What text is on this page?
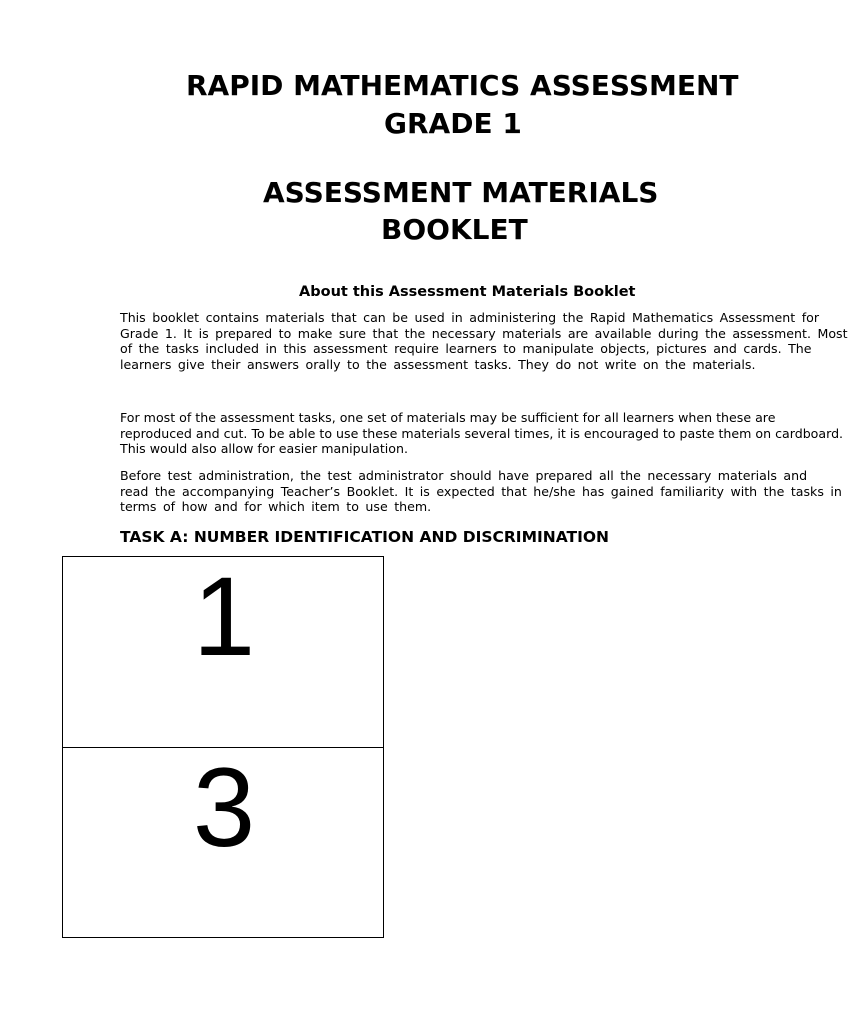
RAPID MATHEMATICS ASSESSMENT
GRADE 1
ASSESSMENT MATERIALS
BOOKLET
About this Assessment Materials Booklet
This booklet contains materials that can be used in administering the Rapid Mathematics Assessment for
Grade 1. It is prepared to make sure that the necessary materials are available during the assessment. Most
of the tasks included in this assessment require learners to manipulate objects, pictures and cards. The
learners give their answers orally to the assessment tasks. They do not write on the materials.
For most of the assessment tasks, one set of materials may be sufficient for all learners when these are
reproduced and cut. To be able to use these materials several times, it is encouraged to paste them on cardboard.
This would also allow for easier manipulation.
Before test administration, the test administrator should have prepared all the necessary materials and
read the accompanying Teacher’s Booklet. It is expected that he/she has gained familiarity with the tasks in
terms of how and for which item to use them.
TASK A: NUMBER IDENTIFICATION AND DISCRIMINATION
1
3
